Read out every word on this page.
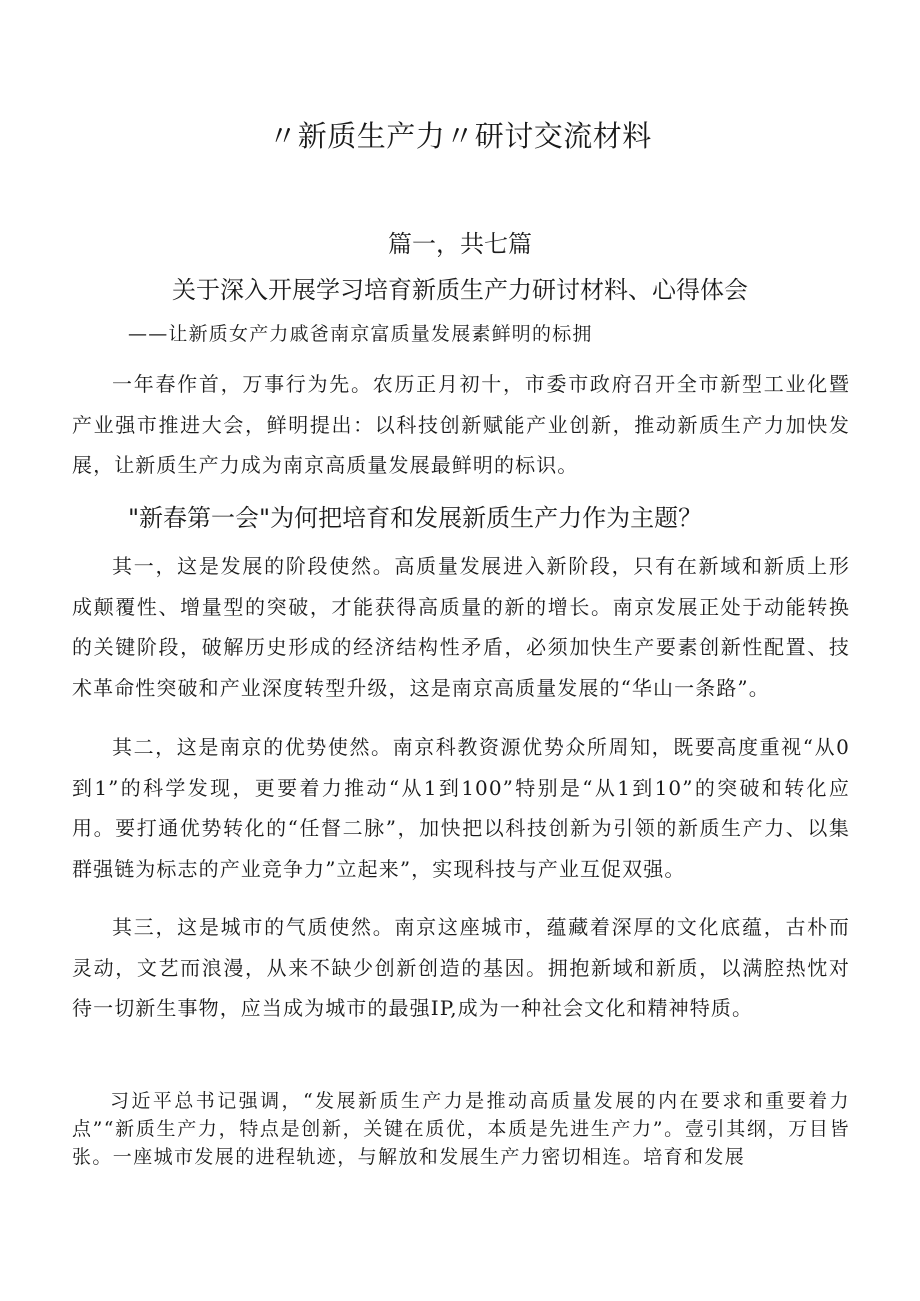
〃新质生产力〃研讨交流材料
篇一，共七篇
关于深入开展学习培育新质生产力研讨材料、心得体会

——让新质女产力戚爸南京富质量发展素鲜明的标拥

一年春作首，万事行为先。农历正月初十，市委市政府召开全市新型工业化暨产业强市推进大会，鲜明提出：以科技创新赋能产业创新，推动新质生产力加快发展，让新质生产力成为南京高质量发展最鲜明的标识。

"新春第一会"为何把培育和发展新质生产力作为主题？

其一，这是发展的阶段使然。高质量发展进入新阶段，只有在新域和新质上形成颠覆性、增量型的突破，才能获得高质量的新的增长。南京发展正处于动能转换的关键阶段，破解历史形成的经济结构性矛盾，必须加快生产要素创新性配置、技术革命性突破和产业深度转型升级，这是南京高质量发展的“华山一条路”。

其二，这是南京的优势使然。南京科教资源优势众所周知，既要高度重视“从0到1”的科学发现，更要着力推动“从1到100”特别是“从1到10”的突破和转化应用。要打通优势转化的“任督二脉”，加快把以科技创新为引领的新质生产力、以集群强链为标志的产业竞争力”立起来”，实现科技与产业互促双强。

其三，这是城市的气质使然。南京这座城市，蕴藏着深厚的文化底蕴，古朴而灵动，文艺而浪漫，从来不缺少创新创造的基因。拥抱新域和新质，以满腔热忱对待一切新生事物，应当成为城市的最强IP,成为一种社会文化和精神特质。

习近平总书记强调，“发展新质生产力是推动高质量发展的内在要求和重要着力点”“新质生产力，特点是创新，关键在质优，本质是先进生产力”。壹引其纲，万目皆张。一座城市发展的进程轨迹，与解放和发展生产力密切相连。培育和发展
